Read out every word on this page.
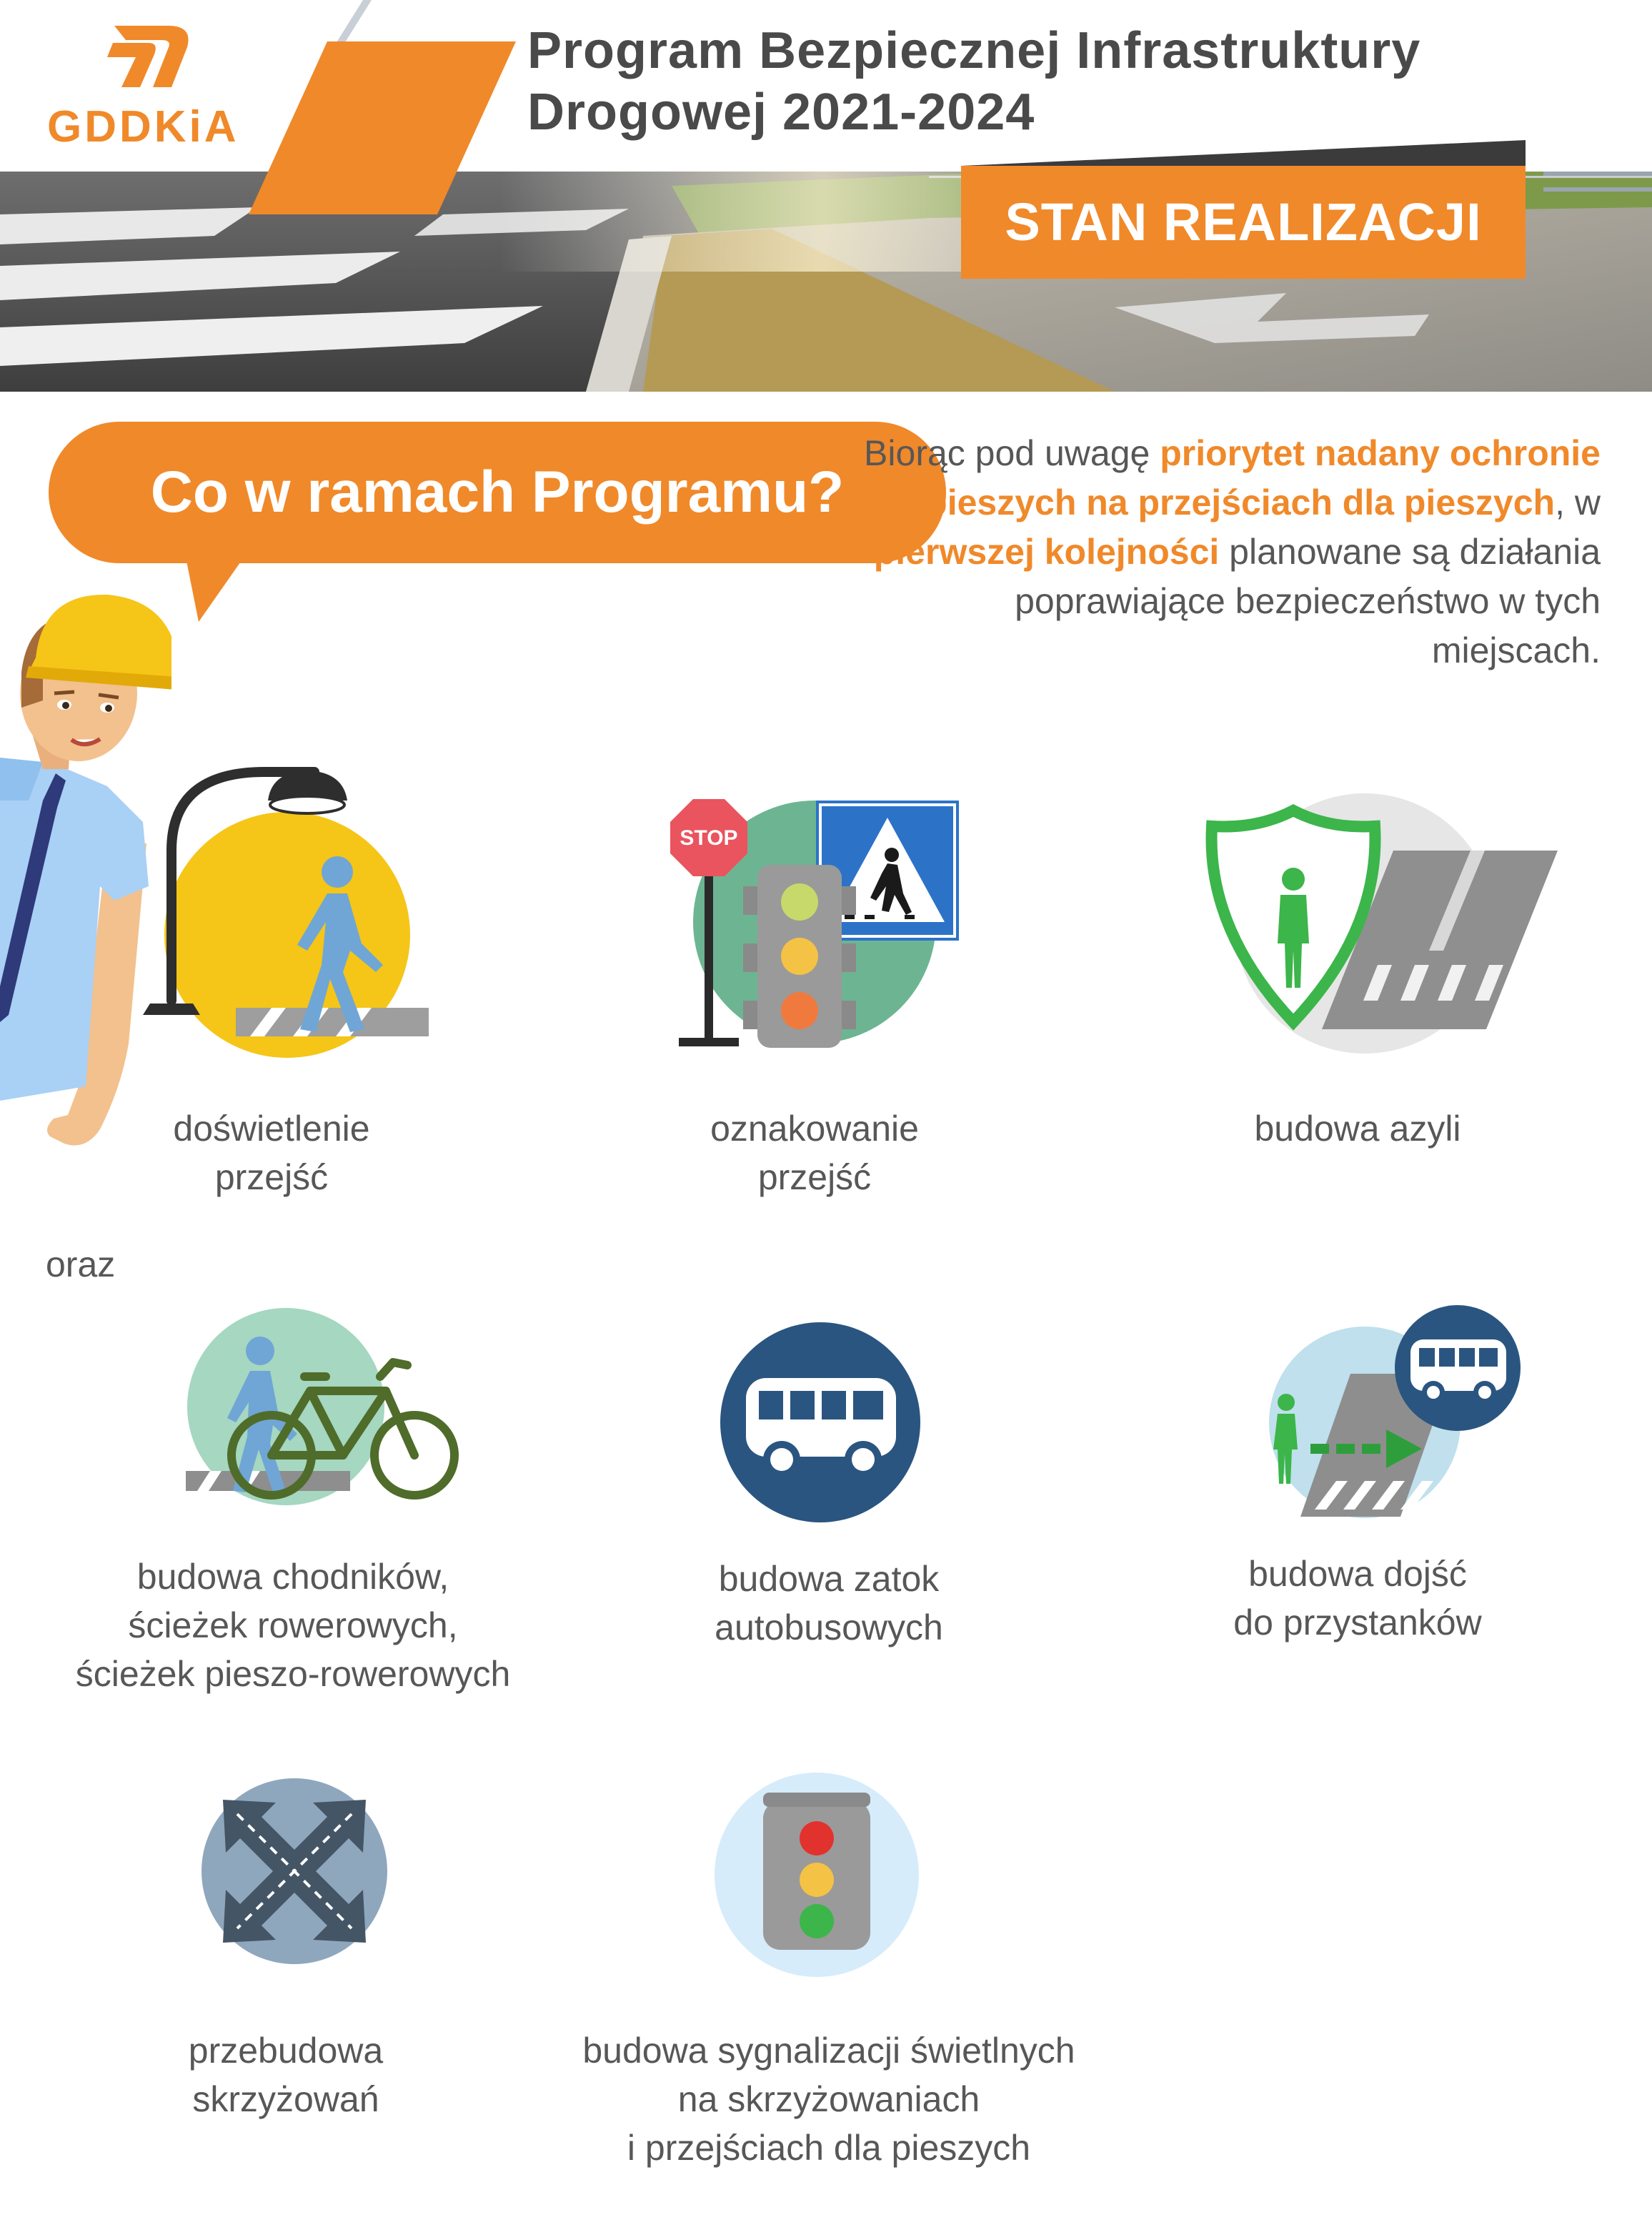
GDDKiA
Program Bezpiecznej Infrastruktury
Drogowej 2021-2024
STAN REALIZACJI
Co w ramach Programu?
Biorąc pod uwagę priorytet nadany ochronie pieszych na przejściach dla pieszych, w pierwszej kolejności planowane są działania poprawiające bezpieczeństwo w tych miejscach.
doświetlenie
przejść
STOP
oznakowanie
przejść
budowa azyli
oraz
budowa chodników,
ścieżek rowerowych,
ścieżek pieszo-rowerowych
budowa zatok
autobusowych
budowa dojść
do przystanków
przebudowa
skrzyżowań
budowa sygnalizacji świetlnych
na skrzyżowaniach
i przejściach dla pieszych
